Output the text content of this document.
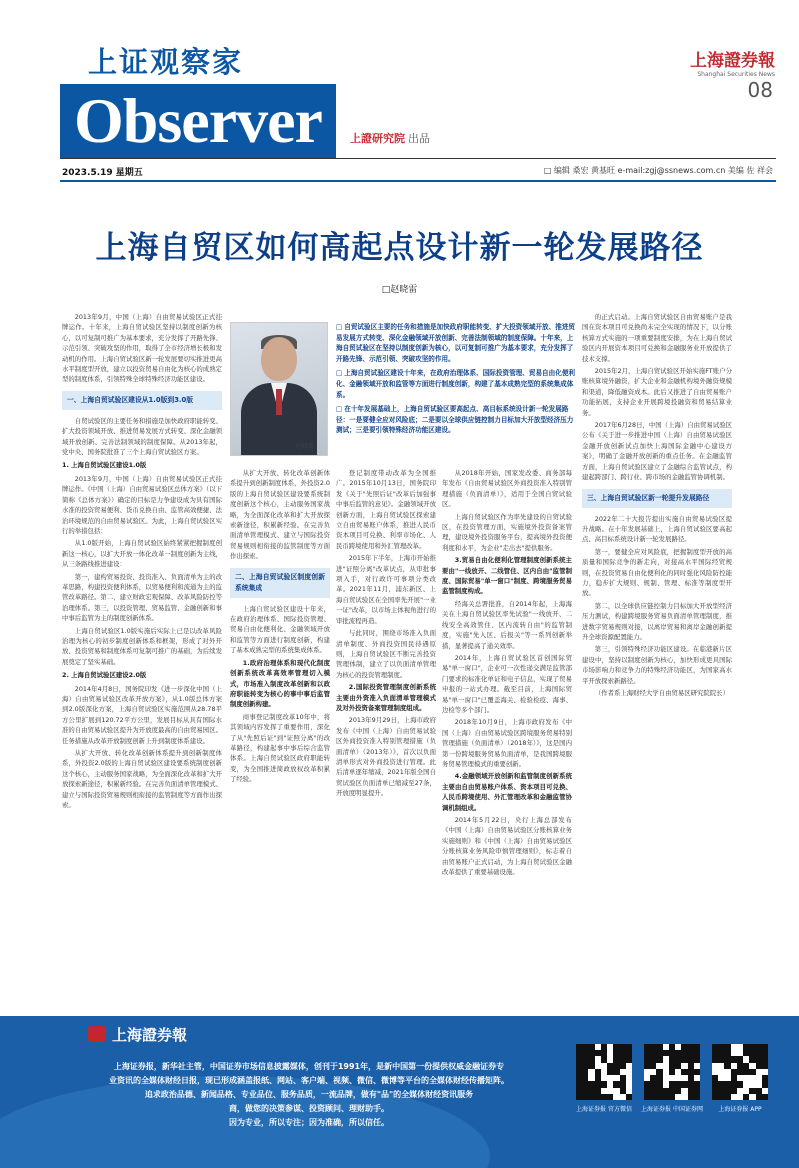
上证观察家
Observer	上證研究院 出品
上海證券報
Shanghai Securities News
08
2023.5.19 星期五	□ 编辑 桑宏 黄基旺 e-mail:zgj@ssnews.com.cn 美编 佐 祥会
上海自贸区如何高起点设计新一轮发展路径
□赵晓雷

2013年9月，中国（上海）自由贸易试验区正式挂牌运作。十年来，上海自贸试验区坚持以制度创新为核心，以可复制可推广为基本要求，充分发挥了开路先锋、示范引领、突破攻坚的作用，取得了全市经济增长极和发动机的作用。上海自贸试验区新一轮发展要切实推进更高水平制度型开放，建立以投资贸易自由化为核心的成熟定型的制度体系，引领特殊全球特殊经济功能区建设。

一、上海自贸试验区建设从1.0版到3.0版

自贸试验区的主要任务和措施是加快政府职能转变、扩大投资领域开放、推进贸易发展方式转变、深化金融领域开放创新、完善法制领域的制度保障。从2013年起，党中央、国务院批准了三个上海自贸试验区方案。

1. 上海自贸试验区建设1.0版

2013年9月，中国（上海）自由贸易试验区正式挂牌运作。《中国（上海）自由贸易试验区总体方案》（以下简称《总体方案》）确定的目标是力争建设成为具有国际水准的投资贸易便利、货币兑换自由、监管高效便捷、法治环境规范的自由贸易试验区。为此，上海自贸试验区实行的举措包括：

从1.0版开始，上海自贸试验区始终紧紧把握制度创新这一核心，以扩大开放一体化改革一制度创新为主线，从三条路线推进建设：

第一，建构贸易投资、投资准入、负面清单为主的改革思路，构建投资便利体系，以贸易便利和流通为主的监管改革路径。第二，建立财政宏观保障、改革风险防控等治理体系。第三，以投资管理、贸易监管、金融创新和事中事后监管为主的制度创新体系。

上海自贸试验区1.0版实施后实际上已是以改革风险治理为核心的初步制度创新体系和框架，形成了对外开放、投资贸易和制度体系可复制可推广的基础，为后续发展奠定了坚实基础。

2. 上海自贸试验区建设2.0版

2014年4月8日，国务院印发《进一步深化中国（上海）自由贸易试验区改革开放方案》，从1.0版总体方案到2.0版深化方案，上海自贸试验区实施范围从28.78平方公里扩展到120.72平方公里，发展目标从具有国际水准的自由贸易试验区提升为开放度最高的自由贸易园区。任务措施从改革开放制度创新上升到制度体系建设。

从扩大开放、转化改革创新体系提升到创新制度体系，外投资2.0版的上海自贸试验区建设要系统制度创新这个核心，主动服务国家战略，为全面深化改革和扩大开放探索新途径，积累新经验。在完善负面清单管理模式、建立与国际投资贸易规则相衔接的监管制度等方面作出探索。

赵晓雷
□ 自贸试验区主要的任务和措施是加快政府职能转变、扩大投资领域开放、推进贸易发展方式转变、深化金融领域开放创新、完善法制领域的制度保障。十年来，上海自贸试验区在坚持以制度创新为核心，以可复制可推广为基本要求，充分发挥了开路先锋、示范引领、突破攻坚的作用。
□ 上海自贸试验区建设十年来，在政府治理体系、国际投资管理、贸易自由化便利化、金融领域开放和监管等方面进行制度创新，构建了基本成熟完型的系统集成体系。
□ 在十年发展基础上，上海自贸试验区要高起点、高目标系统设计新一轮发展路径：一是要健全应对风险底；二是要以全球供应链控制力目标加大开放型经济压力测试；三是要引领特殊经济功能区建设。

从扩大开放、转化改革创新体系提升到创新制度体系，外投资2.0版的上海自贸试验区建设要系统制度创新这个核心，主动服务国家战略，为全面深化改革和扩大开放探索新途径，积累新经验。在完善负面清单管理模式、建立与国际投资贸易规则相衔接的监管制度等方面作出探索。

二、上海自贸试验区制度创新系统集成

上海自贸试验区建设十年来，在政府治理体系、国际投资管理、贸易自由化便利化、金融领域开放和监管等方面进行制度创新，构建了基本成熟完型的系统集成体系。

1.政府治理体系和现代化制度创新系统改革高效率管理切入模式，市场准入制度改革创新和以政府职能转变为核心的事中事后监管制度创新构建。

商事登记制度改革10年中，将其领域内容发挥了重要作用，深化了从"先照后证"到"证照分离"的改革路径，构建起事中事后综合监管体系。上海自贸试验区政府职能转变，为全国推进简政放权改革积累了经验。

登记制度带动改革为全国推广。2015年10月13日，国务院印发《关于"先照后证"改革后加强事中事后监管的意见》。金融领域开放创新方面，上海自贸试验区探索建立自由贸易账户体系，推进人民币资本项目可兑换、利率市场化、人民币跨境使用和外汇管理改革。

2015年下半年，上海市开始推进"证照分离"改革试点，从审批事项入手，对行政许可事项分类改革。2021年11月，浦东新区、上海自贸试验区在全国率先开展"一业一证"改革，以市场主体视角进行的审批流程再造。

与此同时，围绕市场准入负面清单制度、外商投资国民待遇原则，上海自贸试验区不断完善投资管理体制，建立了以负面清单管理为核心的投资管理制度。

2.国际投资管理制度创新系统主要由外资准入负面清单管理模式及对外投资备案管理制度组成。

2013年9月29日，上海市政府发布《中国（上海）自由贸易试验区外商投资准入特别管理措施（负面清单）（2013年）》，首次以负面清单形式对外商投资进行管理。此后清单逐年缩减，2021年版全国自贸试验区负面清单已缩减至27条，开放度明显提升。

从2018年开始，国家发改委、商务部每年发布《自由贸易试验区外商投资准入特别管理措施（负面清单）》，适用于全国自贸试验区。

上海自贸试验区作为率先建设的自贸试验区，在投资管理方面，实施境外投资备案管理，建设境外投资服务平台，提高境外投资便利度和水平，为企业"走出去"提供服务。

3.贸易自由化便利化管理制度创新系统主要由"一线放开、二线管住、区内自由"监管制度、国际贸易"单一窗口"制度、跨境服务贸易监管制度构成。

经海关总署批准，自2014年起，上海海关在上海自贸试验区率先试验"一线放开、二线安全高效管住、区内流转自由"的监管制度，实施"先入区、后报关"等一系列创新举措，显著提高了通关效率。

2014年，上海自贸试验区首创国际贸易"单一窗口"，企业可一次性递交满足监管部门要求的标准化单证和电子信息，实现了贸易申报的一站式办理。截至目前，上海国际贸易"单一窗口"已覆盖海关、检验检疫、海事、边检等多个部门。

2018年10月9日，上海市政府发布《中国（上海）自由贸易试验区跨境服务贸易特别管理措施（负面清单）（2018年）》，这是国内第一份跨境服务贸易负面清单，是我国跨境服务贸易管理模式的重要创新。

4.金融领域开放创新和监管制度创新系统主要由自由贸易账户体系、资本项目可兑换、人民币跨境使用、外汇管理改革和金融监管协调机制组成。

2014年5月22日，央行上海总部发布《中国（上海）自由贸易试验区分账核算业务实施细则》和《中国（上海）自由贸易试验区分账核算业务风险审慎管理细则》，标志着自由贸易账户正式启动，为上海自贸试验区金融改革提供了重要基础设施。

的正式启动。上海自贸试验区自由贸易账户是我国在资本项目可兑换尚未完全实现的情况下，以分账核算方式实施的一项重要制度安排，为在上海自贸试验区内开展资本项目可兑换和金融服务业开放提供了技术支撑。

2015年2月，上海自贸试验区开始实施FT账户分账核算境外融资，扩大企业和金融机构境外融资规模和渠道，降低融资成本。此后又推进了自由贸易账户功能拓展，支持企业开展跨境投融资和贸易结算业务。

2017年6月28日，中国（上海）自由贸易试验区公布《关于进一步推进中国（上海）自由贸易试验区金融开放创新试点加快上海国际金融中心建设方案》，明确了金融开放创新的重点任务。在金融监管方面，上海自贸试验区建立了金融综合监管试点，构建起跨部门、跨行业、跨市场的金融监管协调机制。

三、上海自贸试验区新一轮提升发展路径

2022年二十大报告提出实施自由贸易试验区提升战略。在十年发展基础上，上海自贸试验区要高起点、高目标系统设计新一轮发展路径。

第一，要健全应对风险底，把握制度型开放的高质量和国际竞争的新走向，对接高水平国际经贸规则，在投资贸易自由化便利化的同时强化风险防控能力，稳步扩大规则、规制、管理、标准等制度型开放。

第二，以全球供应链控制力目标加大开放型经济压力测试，构建跨境服务贸易负面清单管理制度，推进数字贸易规则对接，以离岸贸易和离岸金融创新提升全球资源配置能力。

第三，引领特殊经济功能区建设。在临港新片区建设中，坚持以制度创新为核心，加快形成更具国际市场影响力和竞争力的特殊经济功能区，为国家高水平开放探索新路径。

（作者系上海财经大学自由贸易区研究院院长）

上海證券報
上海证券报，新华社主管，中国证券市场信息披露媒体，创刊于1991年，是新中国第一份提供权威金融证券专
业资讯的全媒体财经日报，现已形成涵盖报纸、网站、客户端、视频、微信、微博等平台的全媒体财经传播矩阵。
追求政治品德、新闻品格、专业品位、服务品质，一流品牌，做有"品"的全媒体财经资讯服务
商，做您的决策参谋、投资顾问、理财助手。
因为专业，所以专注；因为准确，所以信任。
上海证券报 官方微信	上海证券报 中国证券网	上海证券报 APP
